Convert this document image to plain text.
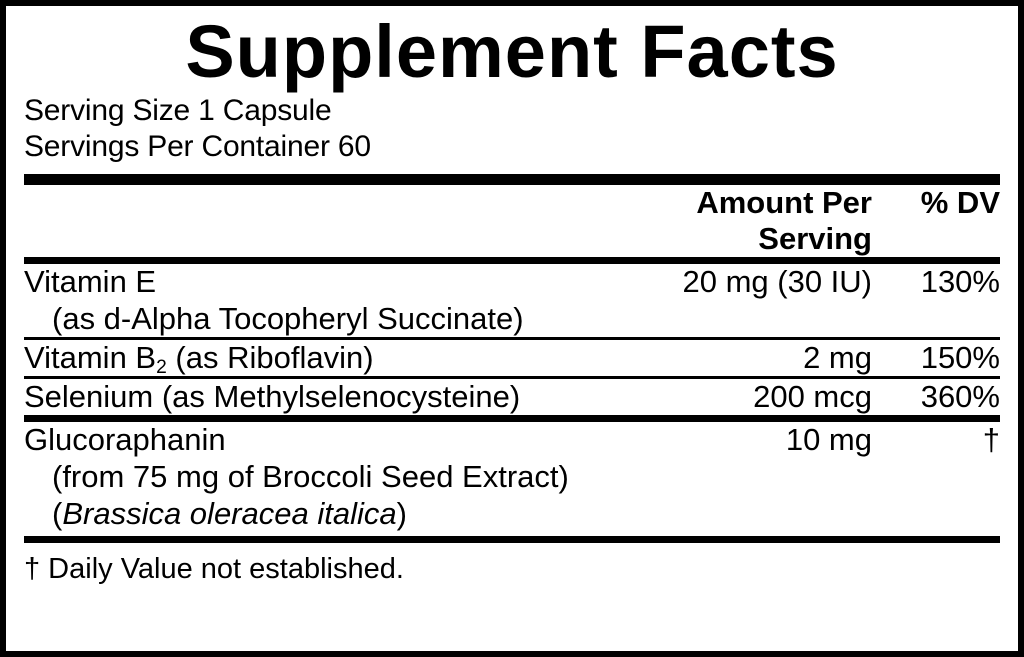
Supplement Facts
Serving Size 1 Capsule
Servings Per Container 60
	Amount Per Serving	% DV
Vitamin E
(as d-Alpha Tocopheryl Succinate)
	20 mg (30 IU)	130%
Vitamin $B_2$ (as Riboflavin)	2 mg	150%
Selenium (as Methylselenocysteine)	200 mcg	360%
Glucoraphanin
(from 75 mg of Broccoli Seed Extract)
(Brassica oleracea italica)
	10 mg	†
† Daily Value not established.
